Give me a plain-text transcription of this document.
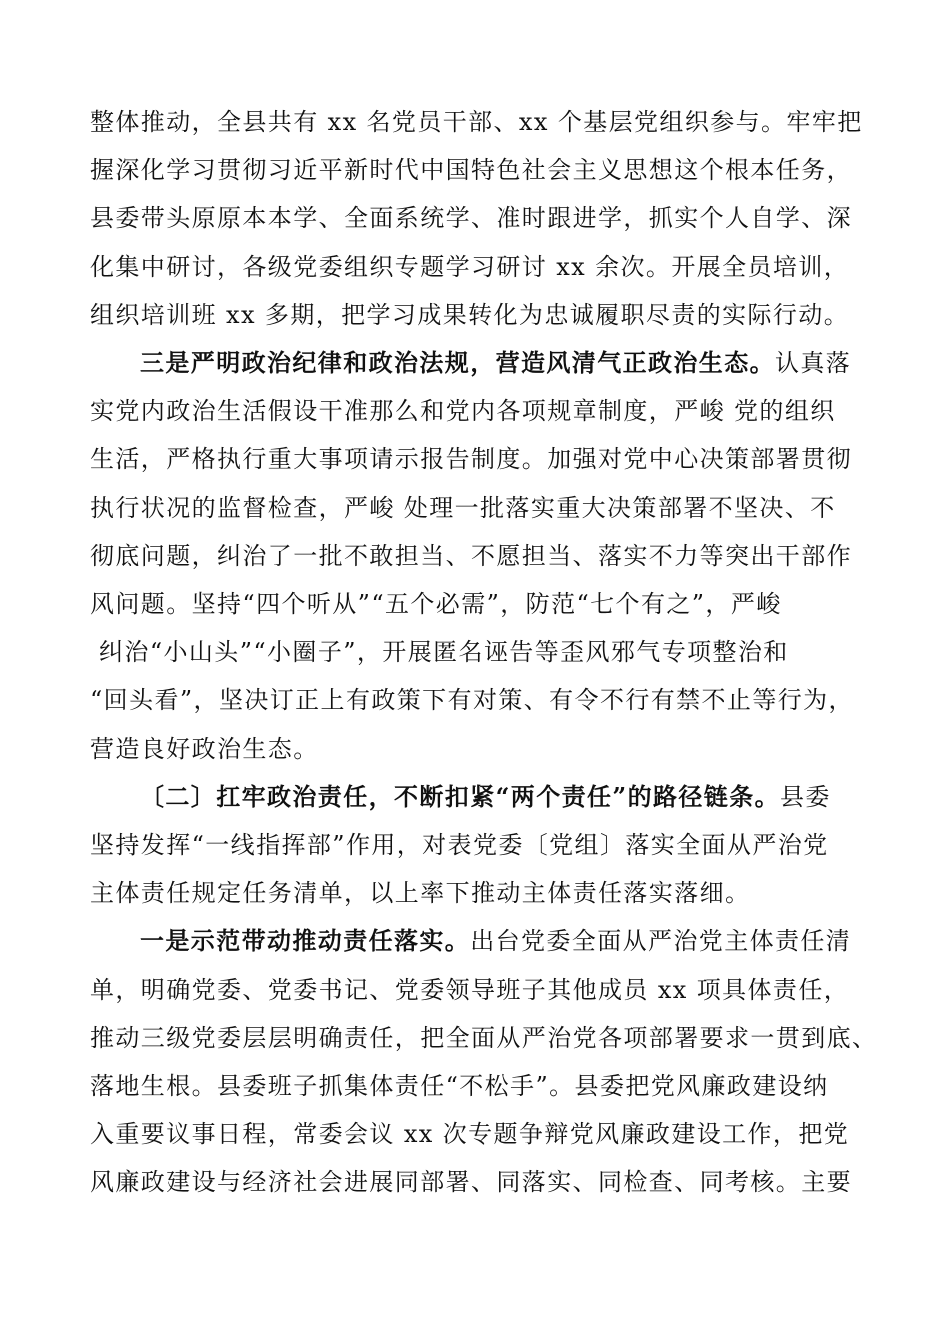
整体推动，全县共有 xx 名党员干部、xx 个基层党组织参与。牢牢把
握深化学习贯彻习近平新时代中国特色社会主义思想这个根本任务，
县委带头原原本本学、全面系统学、准时跟进学，抓实个人自学、深
化集中研讨，各级党委组织专题学习研讨 xx 余次。开展全员培训，
组织培训班 xx 多期，把学习成果转化为忠诚履职尽责的实际行动。
三是严明政治纪律和政治法规，营造风清气正政治生态。认真落
实党内政治生活假设干准那么和党内各项规章制度，严峻 党的组织
生活，严格执行重大事项请示报告制度。加强对党中心决策部署贯彻
执行状况的监督检查，严峻 处理一批落实重大决策部署不坚决、不
彻底问题，纠治了一批不敢担当、不愿担当、落实不力等突出干部作
风问题。坚持“四个听从”“五个必需”，防范“七个有之”，严峻
纠治“小山头”“小圈子”，开展匿名诬告等歪风邪气专项整治和
“回头看”，坚决订正上有政策下有对策、有令不行有禁不止等行为，
营造良好政治生态。
〔二〕扛牢政治责任，不断扣紧“两个责任”的路径链条。县委
坚持发挥“一线指挥部”作用，对表党委〔党组〕落实全面从严治党
主体责任规定任务清单，以上率下推动主体责任落实落细。
一是示范带动推动责任落实。出台党委全面从严治党主体责任清
单，明确党委、党委书记、党委领导班子其他成员 xx 项具体责任，
推动三级党委层层明确责任，把全面从严治党各项部署要求一贯到底、
落地生根。县委班子抓集体责任“不松手”。县委把党风廉政建设纳
入重要议事日程，常委会议 xx 次专题争辩党风廉政建设工作，把党
风廉政建设与经济社会进展同部署、同落实、同检查、同考核。主要
